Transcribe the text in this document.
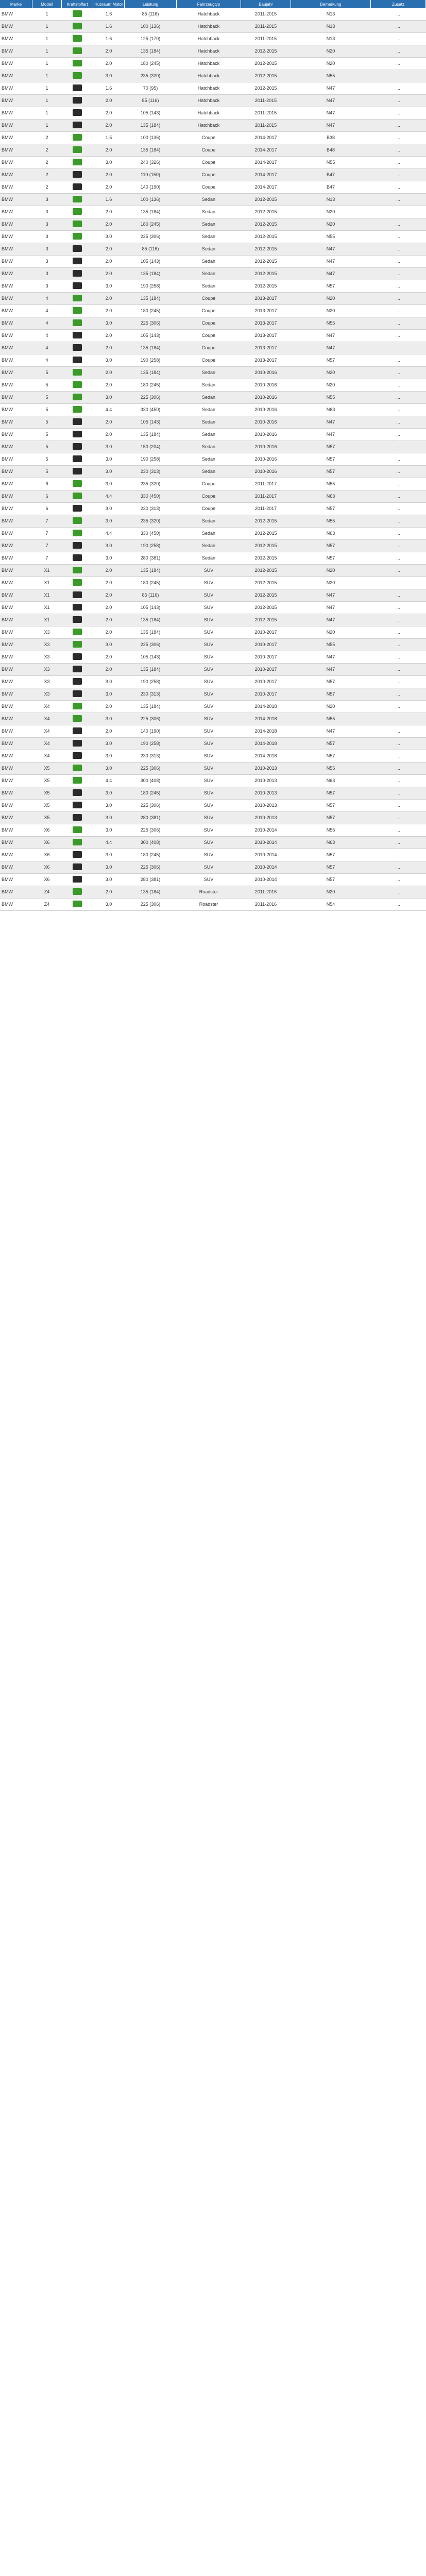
Marke	Modell	Kraftstoffart	Hubraum Motor	Leistung	Fahrzeugtyp	Baujahr	Bemerkung	Zusatz
BMW	1		1.6	85 (116)	Hatchback	2011-2015	N13	...
BMW	1		1.6	100 (136)	Hatchback	2011-2015	N13	...
BMW	1		1.6	125 (170)	Hatchback	2011-2015	N13	...
BMW	1		2.0	135 (184)	Hatchback	2012-2015	N20	...
BMW	1		2.0	180 (245)	Hatchback	2012-2015	N20	...
BMW	1		3.0	235 (320)	Hatchback	2012-2015	N55	...
BMW	1		1.6	70 (95)	Hatchback	2012-2015	N47	...
BMW	1		2.0	85 (116)	Hatchback	2011-2015	N47	...
BMW	1		2.0	105 (143)	Hatchback	2011-2015	N47	...
BMW	1		2.0	135 (184)	Hatchback	2011-2015	N47	...
BMW	2		1.5	100 (136)	Coupe	2014-2017	B38	...
BMW	2		2.0	135 (184)	Coupe	2014-2017	B48	...
BMW	2		3.0	240 (326)	Coupe	2014-2017	N55	...
BMW	2		2.0	110 (150)	Coupe	2014-2017	B47	...
BMW	2		2.0	140 (190)	Coupe	2014-2017	B47	...
BMW	3		1.6	100 (136)	Sedan	2012-2015	N13	...
BMW	3		2.0	135 (184)	Sedan	2012-2015	N20	...
BMW	3		2.0	180 (245)	Sedan	2012-2015	N20	...
BMW	3		3.0	225 (306)	Sedan	2012-2015	N55	...
BMW	3		2.0	85 (116)	Sedan	2012-2015	N47	...
BMW	3		2.0	105 (143)	Sedan	2012-2015	N47	...
BMW	3		2.0	135 (184)	Sedan	2012-2015	N47	...
BMW	3		3.0	190 (258)	Sedan	2012-2015	N57	...
BMW	4		2.0	135 (184)	Coupe	2013-2017	N20	...
BMW	4		2.0	180 (245)	Coupe	2013-2017	N20	...
BMW	4		3.0	225 (306)	Coupe	2013-2017	N55	...
BMW	4		2.0	105 (143)	Coupe	2013-2017	N47	...
BMW	4		2.0	135 (184)	Coupe	2013-2017	N47	...
BMW	4		3.0	190 (258)	Coupe	2013-2017	N57	...
BMW	5		2.0	135 (184)	Sedan	2010-2016	N20	...
BMW	5		2.0	180 (245)	Sedan	2010-2016	N20	...
BMW	5		3.0	225 (306)	Sedan	2010-2016	N55	...
BMW	5		4.4	330 (450)	Sedan	2010-2016	N63	...
BMW	5		2.0	105 (143)	Sedan	2010-2016	N47	...
BMW	5		2.0	135 (184)	Sedan	2010-2016	N47	...
BMW	5		3.0	150 (204)	Sedan	2010-2016	N57	...
BMW	5		3.0	190 (258)	Sedan	2010-2016	N57	...
BMW	5		3.0	230 (313)	Sedan	2010-2016	N57	...
BMW	6		3.0	235 (320)	Coupe	2011-2017	N55	...
BMW	6		4.4	330 (450)	Coupe	2011-2017	N63	...
BMW	6		3.0	230 (313)	Coupe	2011-2017	N57	...
BMW	7		3.0	235 (320)	Sedan	2012-2015	N55	...
BMW	7		4.4	330 (450)	Sedan	2012-2015	N63	...
BMW	7		3.0	190 (258)	Sedan	2012-2015	N57	...
BMW	7		3.0	280 (381)	Sedan	2012-2015	N57	...
BMW	X1		2.0	135 (184)	SUV	2012-2015	N20	...
BMW	X1		2.0	180 (245)	SUV	2012-2015	N20	...
BMW	X1		2.0	85 (116)	SUV	2012-2015	N47	...
BMW	X1		2.0	105 (143)	SUV	2012-2015	N47	...
BMW	X1		2.0	135 (184)	SUV	2012-2015	N47	...
BMW	X3		2.0	135 (184)	SUV	2010-2017	N20	...
BMW	X3		3.0	225 (306)	SUV	2010-2017	N55	...
BMW	X3		2.0	105 (143)	SUV	2010-2017	N47	...
BMW	X3		2.0	135 (184)	SUV	2010-2017	N47	...
BMW	X3		3.0	190 (258)	SUV	2010-2017	N57	...
BMW	X3		3.0	230 (313)	SUV	2010-2017	N57	...
BMW	X4		2.0	135 (184)	SUV	2014-2018	N20	...
BMW	X4		3.0	225 (306)	SUV	2014-2018	N55	...
BMW	X4		2.0	140 (190)	SUV	2014-2018	N47	...
BMW	X4		3.0	190 (258)	SUV	2014-2018	N57	...
BMW	X4		3.0	230 (313)	SUV	2014-2018	N57	...
BMW	X5		3.0	225 (306)	SUV	2010-2013	N55	...
BMW	X5		4.4	300 (408)	SUV	2010-2013	N63	...
BMW	X5		3.0	180 (245)	SUV	2010-2013	N57	...
BMW	X5		3.0	225 (306)	SUV	2010-2013	N57	...
BMW	X5		3.0	280 (381)	SUV	2010-2013	N57	...
BMW	X6		3.0	225 (306)	SUV	2010-2014	N55	...
BMW	X6		4.4	300 (408)	SUV	2010-2014	N63	...
BMW	X6		3.0	180 (245)	SUV	2010-2014	N57	...
BMW	X6		3.0	225 (306)	SUV	2010-2014	N57	...
BMW	X6		3.0	280 (381)	SUV	2010-2014	N57	...
BMW	Z4		2.0	135 (184)	Roadster	2011-2016	N20	...
BMW	Z4		3.0	225 (306)	Roadster	2011-2016	N54	...
